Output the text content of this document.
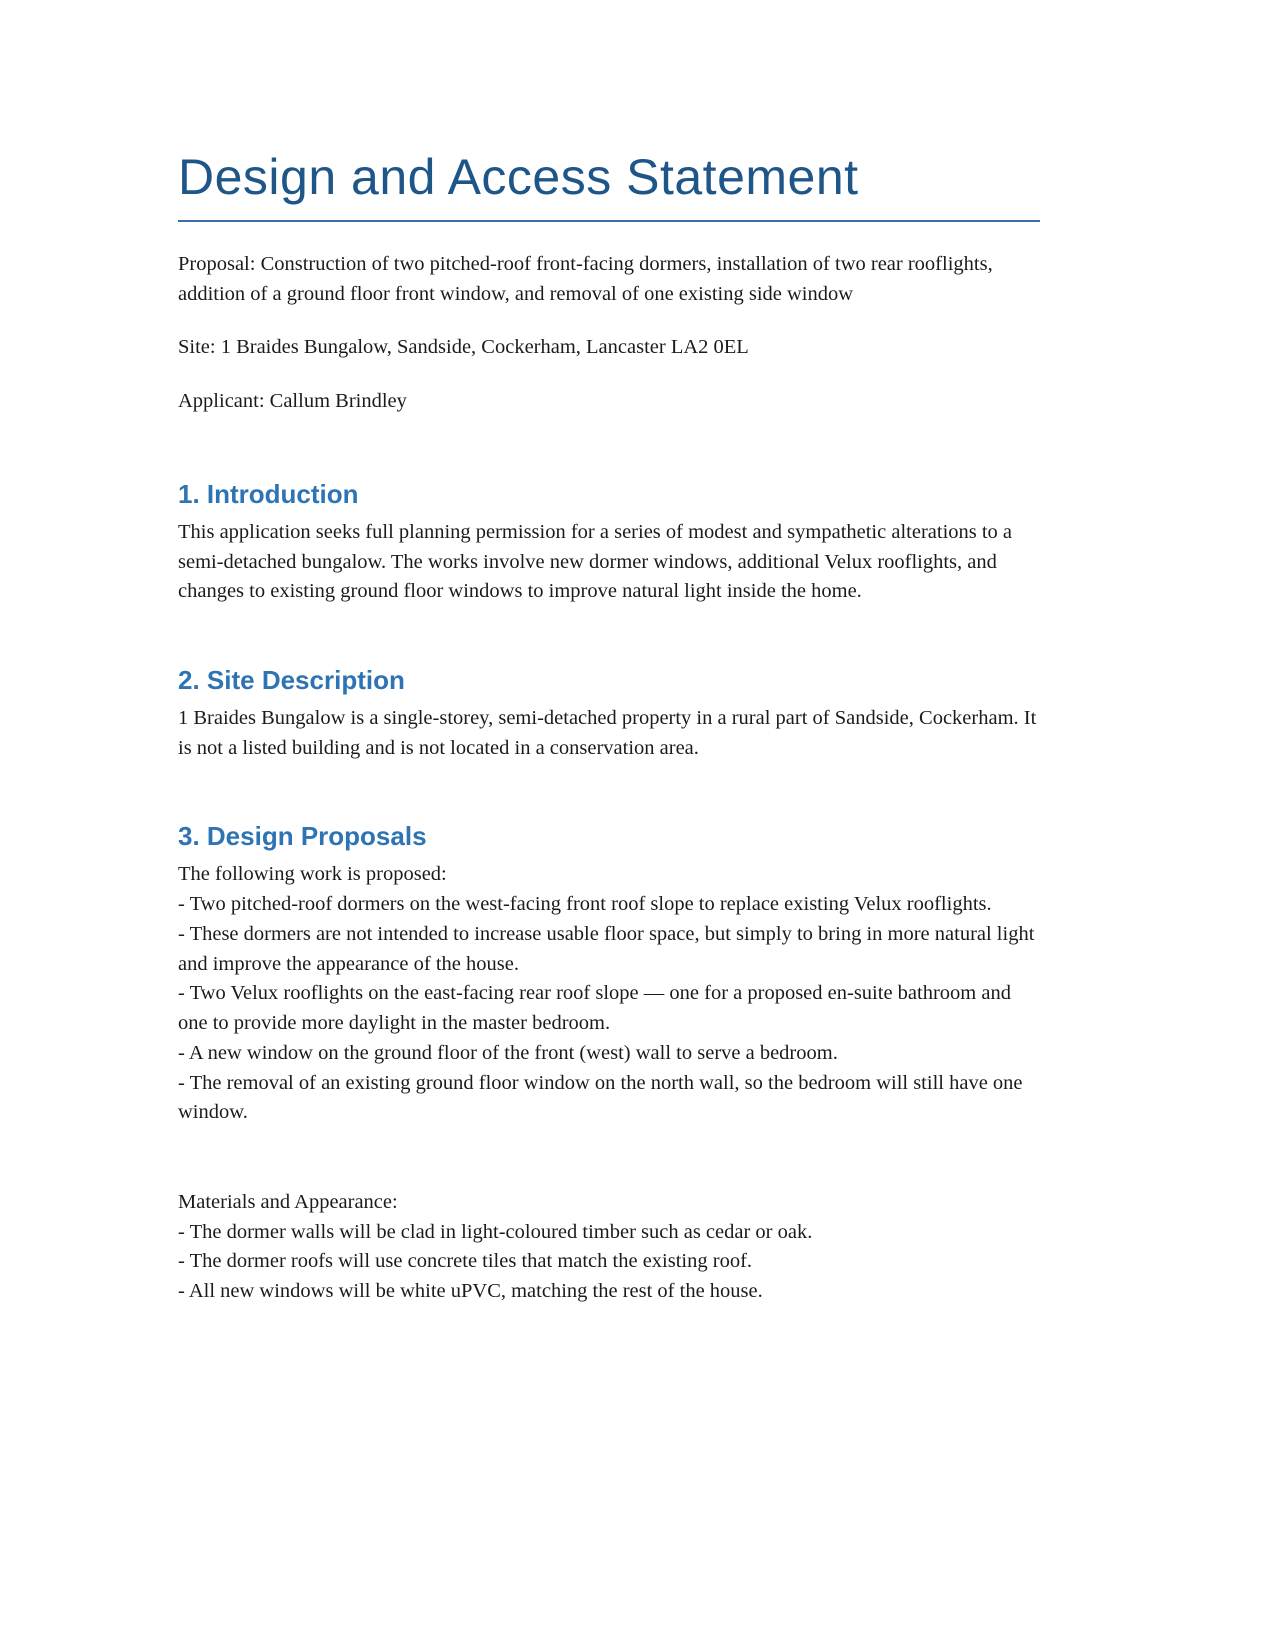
Design and Access Statement

Proposal: Construction of two pitched-roof front-facing dormers, installation of two rear rooflights, addition of a ground floor front window, and removal of one existing side window

Site: 1 Braides Bungalow, Sandside, Cockerham, Lancaster LA2 0EL

Applicant: Callum Brindley

1. Introduction

This application seeks full planning permission for a series of modest and sympathetic alterations to a semi-detached bungalow. The works involve new dormer windows, additional Velux rooflights, and changes to existing ground floor windows to improve natural light inside the home.

2. Site Description

1 Braides Bungalow is a single-storey, semi-detached property in a rural part of Sandside, Cockerham. It is not a listed building and is not located in a conservation area.

3. Design Proposals
The following work is proposed:
- Two pitched-roof dormers on the west-facing front roof slope to replace existing Velux rooflights.
- These dormers are not intended to increase usable floor space, but simply to bring in more natural light and improve the appearance of the house.
- Two Velux rooflights on the east-facing rear roof slope — one for a proposed en-suite bathroom and one to provide more daylight in the master bedroom.
- A new window on the ground floor of the front (west) wall to serve a bedroom.
- The removal of an existing ground floor window on the north wall, so the bedroom will still have one window.
Materials and Appearance:
- The dormer walls will be clad in light-coloured timber such as cedar or oak.
- The dormer roofs will use concrete tiles that match the existing roof.
- All new windows will be white uPVC, matching the rest of the house.
